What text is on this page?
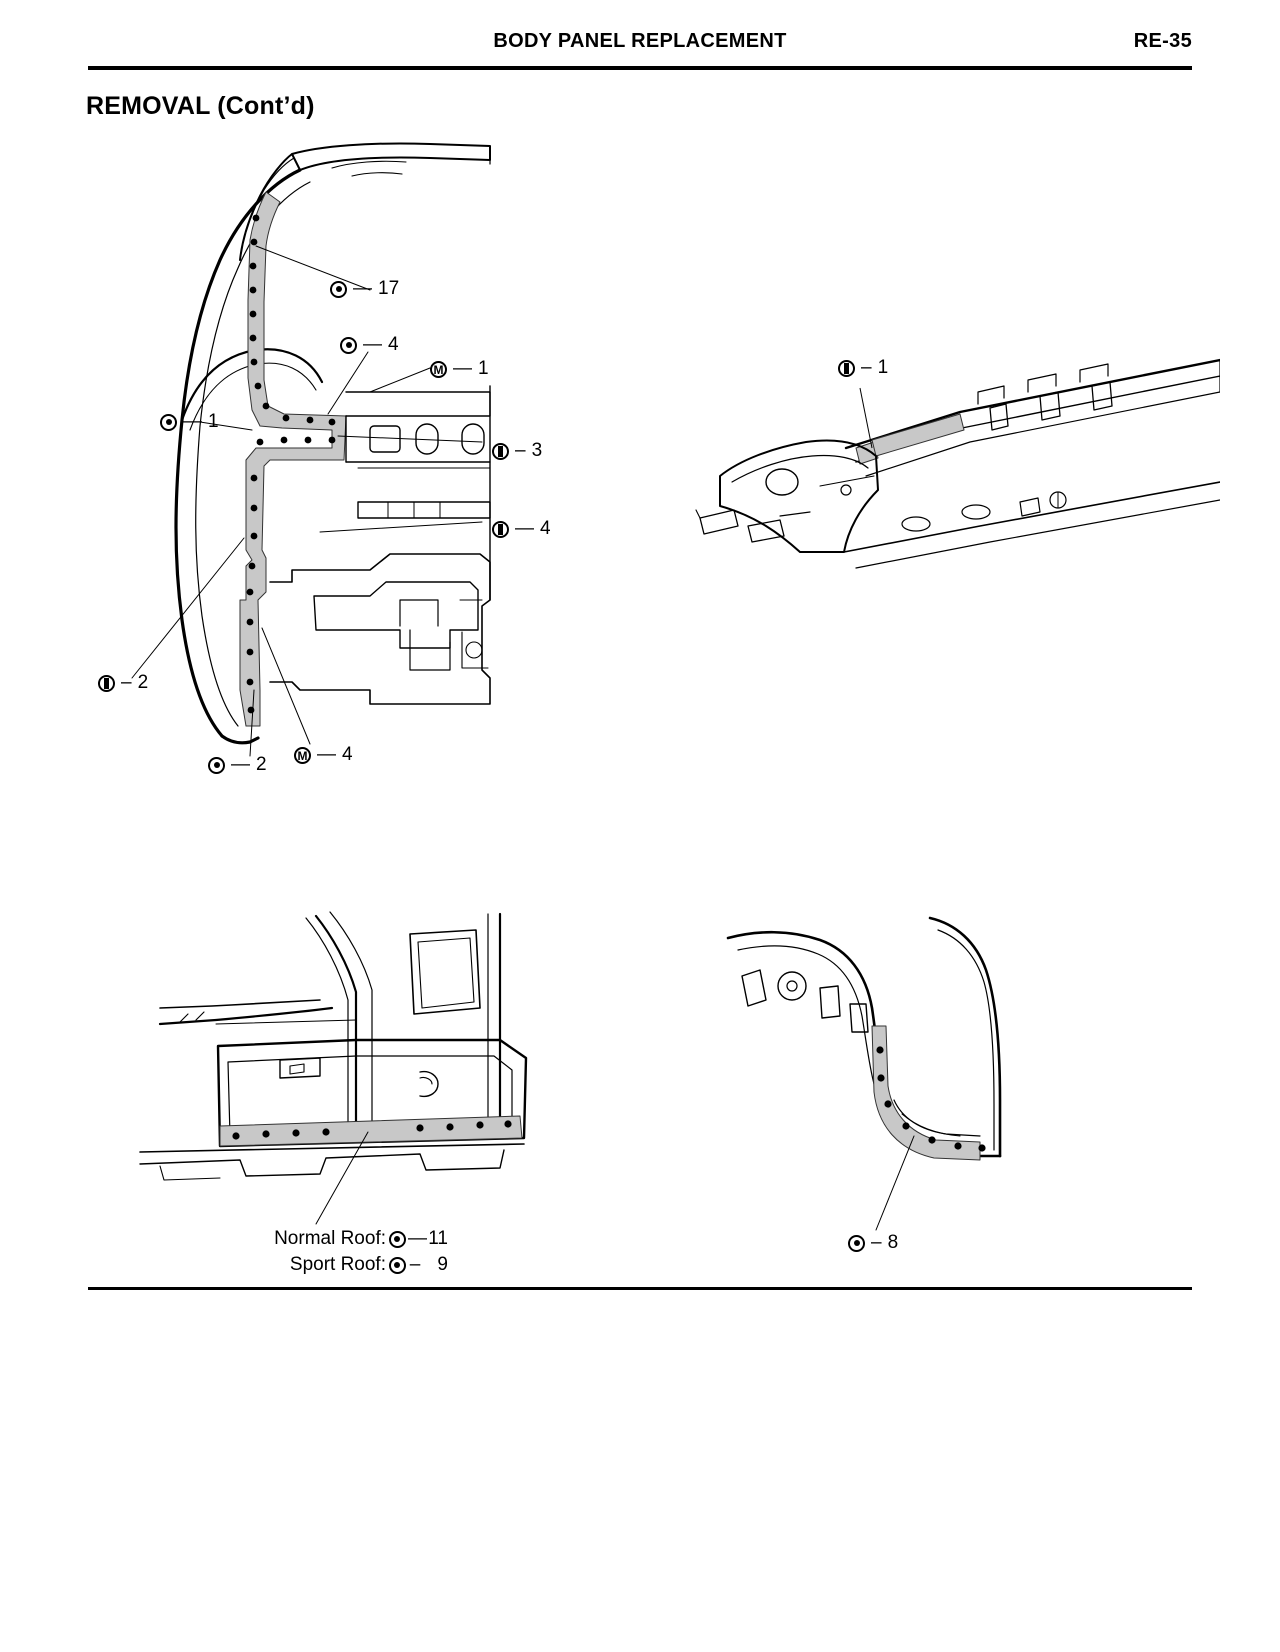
BODY PANEL REPLACEMENT	RE-35
REMOVAL (Cont’d)
— 17
— 4
M
— 1
— 1
– 3
— 4
– 2
— 2 M	— 4
– 1
Normal Roof: — 11
Sport Roof: – 9
– 8
